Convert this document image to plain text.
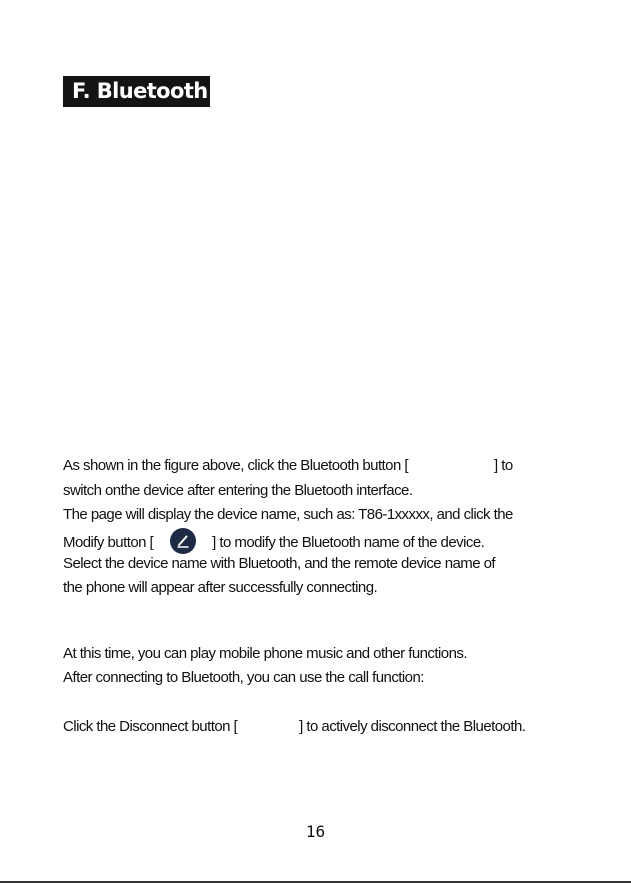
F. Bluetooth
As shown in the figure above, click the Bluetooth button [	] to
switch onthe device after entering the Bluetooth interface.
The page will display the device name, such as: T86-1xxxxx, and click the
Modify button [	] to modify the Bluetooth name of the device.
Select the device name with Bluetooth, and the remote device name of
the phone will appear after successfully connecting.
At this time, you can play mobile phone music and other functions.
After connecting to Bluetooth, you can use the call function:
Click the Disconnect button [	] to actively disconnect the Bluetooth.
16
